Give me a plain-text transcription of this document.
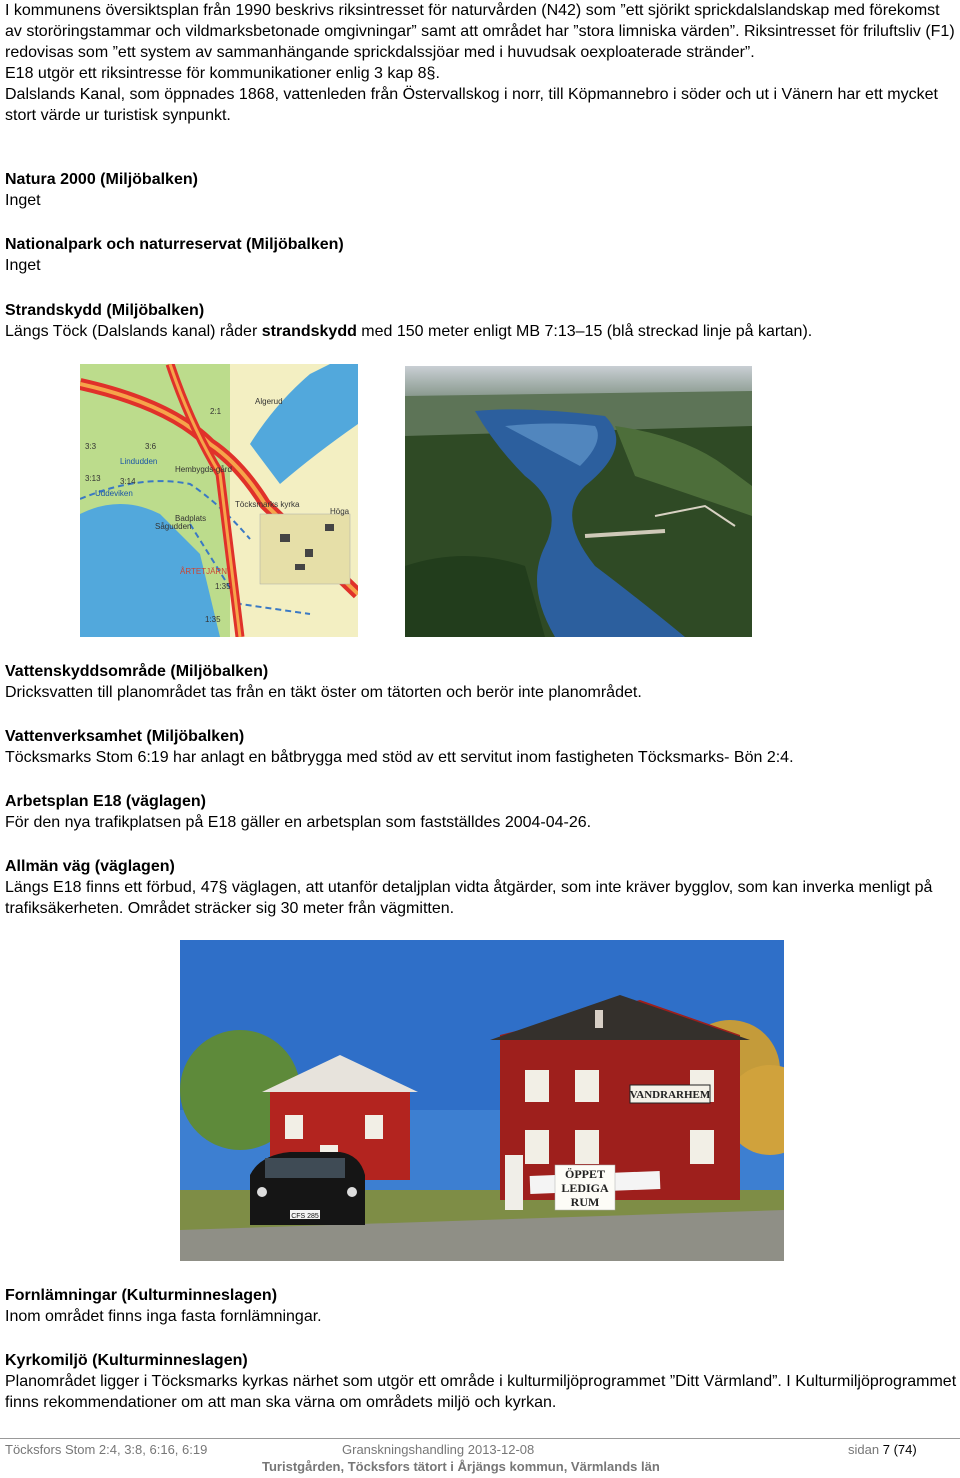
I kommunens översiktsplan från 1990 beskrivs riksintresset för naturvården (N42) som ”ett sjörikt sprickdalslandskap med förekomst av storöringstammar och vildmarksbetonade omgivningar” samt att området har ”stora limniska värden”. Riksintresset för friluftsliv (F1) redovisas som ”ett system av sammanhängande sprickdalssjöar med i huvudsak oexploaterade stränder”.

E18 utgör ett riksintresse för kommunikationer enlig 3 kap 8§.

Dalslands Kanal, som öppnades 1868, vattenleden från Östervallskog i norr, till Köpmannebro i söder och ut i Vänern har ett mycket stort värde ur turistisk synpunkt.

Natura 2000 (Miljöbalken)

Inget

Nationalpark och naturreservat (Miljöbalken)

Inget

Strandskydd (Miljöbalken)

Längs Töck (Dalslands kanal) råder strandskydd med 150 meter enligt MB 7:13–15 (blå streckad linje på kartan).

Algerud
Lindudden
Hembygds-gård
Töcksmarks kyrka
Badplats
Sågudden
Uddeviken
ÅRTETJÄRN
Höga
3:3	3:6
3:13 3:14
2:1
1:35
1:35

Vattenskyddsområde (Miljöbalken)

Dricksvatten till planområdet tas från en täkt öster om tätorten och berör inte planområdet.

Vattenverksamhet (Miljöbalken)

Töcksmarks Stom 6:19 har anlagt en båtbrygga med stöd av ett servitut inom fastigheten Töcksmarks- Bön 2:4.

Arbetsplan E18 (väglagen)

För den nya trafikplatsen på E18 gäller en arbetsplan som fastställdes 2004-04-26.

Allmän väg (väglagen)

Längs E18 finns ett förbud, 47§ väglagen, att utanför detaljplan vidta åtgärder, som inte kräver bygglov, som kan inverka menligt på trafiksäkerheten. Området sträcker sig 30 meter från vägmitten.

VANDRARHEM
ÖPPET
LEDIGA
RUM
CFS 285

Fornlämningar (Kulturminneslagen)

Inom området finns inga fasta fornlämningar.

Kyrkomiljö (Kulturminneslagen)

Planområdet ligger i Töcksmarks kyrkas närhet som utgör ett område i kulturmiljöprogrammet ”Ditt Värmland”. I Kulturmiljöprogrammet finns rekommendationer om att man ska värna om områdets miljö och kyrkan.

Töcksfors Stom 2:4, 3:8, 6:16, 6:19	Granskningshandling 2013-12-08	sidan 7 (74)
Turistgården, Töcksfors tätort i Årjängs kommun, Värmlands län
